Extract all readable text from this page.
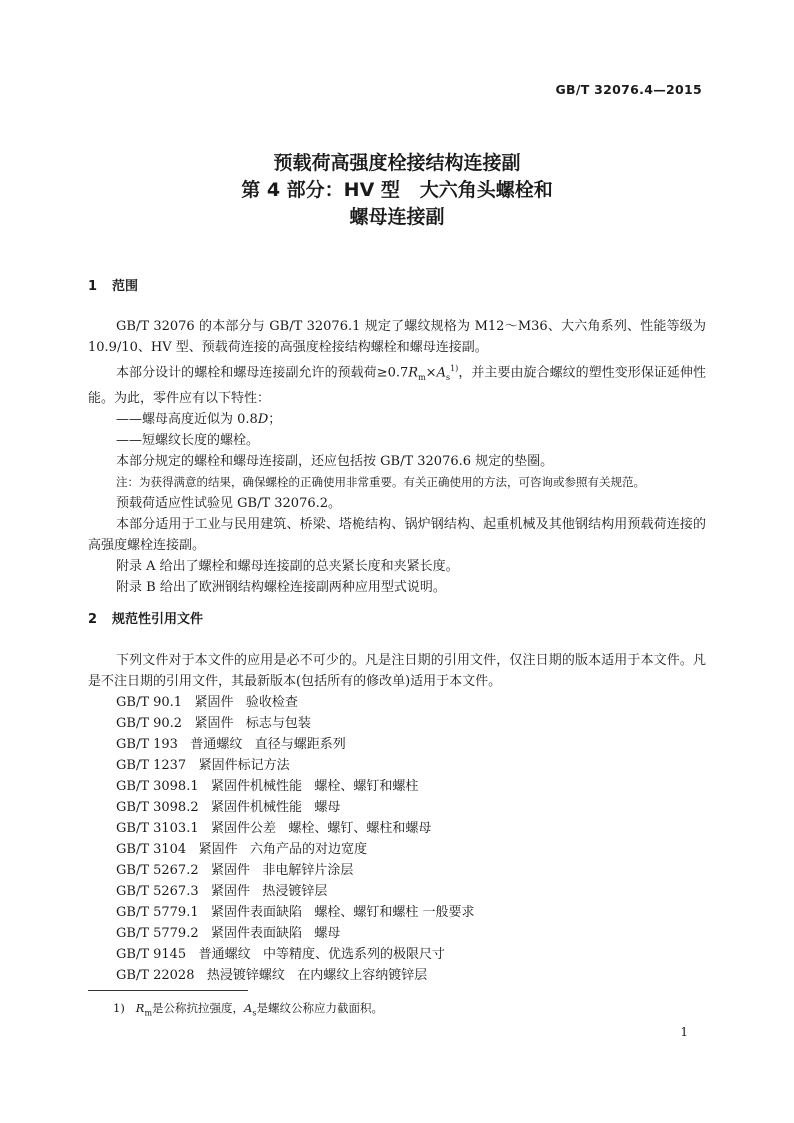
GB/T 32076.4—2015
预载荷高强度栓接结构连接副
第 4 部分：HV 型   大六角头螺栓和
螺母连接副
1 范围

GB/T 32076 的本部分与 GB/T 32076.1 规定了螺纹规格为 M12～M36、大六角系列、性能等级为 10.9/10、HV 型、预载荷连接的高强度栓接结构螺栓和螺母连接副。

本部分设计的螺栓和螺母连接副允许的预载荷$\ge 0.7R_m\times A_s^{1)}$，并主要由旋合螺纹的塑性变形保证延伸性能。为此，零件应有以下特性：

——螺母高度近似为 0.8D；

——短螺纹长度的螺栓。

本部分规定的螺栓和螺母连接副，还应包括按 GB/T 32076.6 规定的垫圈。

注：为获得满意的结果，确保螺栓的正确使用非常重要。有关正确使用的方法，可咨询或参照有关规范。

预载荷适应性试验见 GB/T 32076.2。

本部分适用于工业与民用建筑、桥梁、塔桅结构、锅炉钢结构、起重机械及其他钢结构用预载荷连接的高强度螺栓连接副。

附录 A 给出了螺栓和螺母连接副的总夹紧长度和夹紧长度。

附录 B 给出了欧洲钢结构螺栓连接副两种应用型式说明。

2 规范性引用文件

下列文件对于本文件的应用是必不可少的。凡是注日期的引用文件，仅注日期的版本适用于本文件。凡是不注日期的引用文件，其最新版本(包括所有的修改单)适用于本文件。

GB/T 90.1   紧固件   验收检查

GB/T 90.2   紧固件   标志与包装

GB/T 193   普通螺纹   直径与螺距系列

GB/T 1237   紧固件标记方法

GB/T 3098.1   紧固件机械性能   螺栓、螺钉和螺柱

GB/T 3098.2   紧固件机械性能   螺母

GB/T 3103.1   紧固件公差   螺栓、螺钉、螺柱和螺母

GB/T 3104   紧固件   六角产品的对边宽度

GB/T 5267.2   紧固件   非电解锌片涂层

GB/T 5267.3   紧固件   热浸镀锌层

GB/T 5779.1   紧固件表面缺陷   螺栓、螺钉和螺柱 一般要求

GB/T 5779.2   紧固件表面缺陷   螺母

GB/T 9145   普通螺纹   中等精度、优选系列的极限尺寸

GB/T 22028   热浸镀锌螺纹   在内螺纹上容纳镀锌层

1) $R_m$是公称抗拉强度，$A_s$是螺纹公称应力截面积。
1
